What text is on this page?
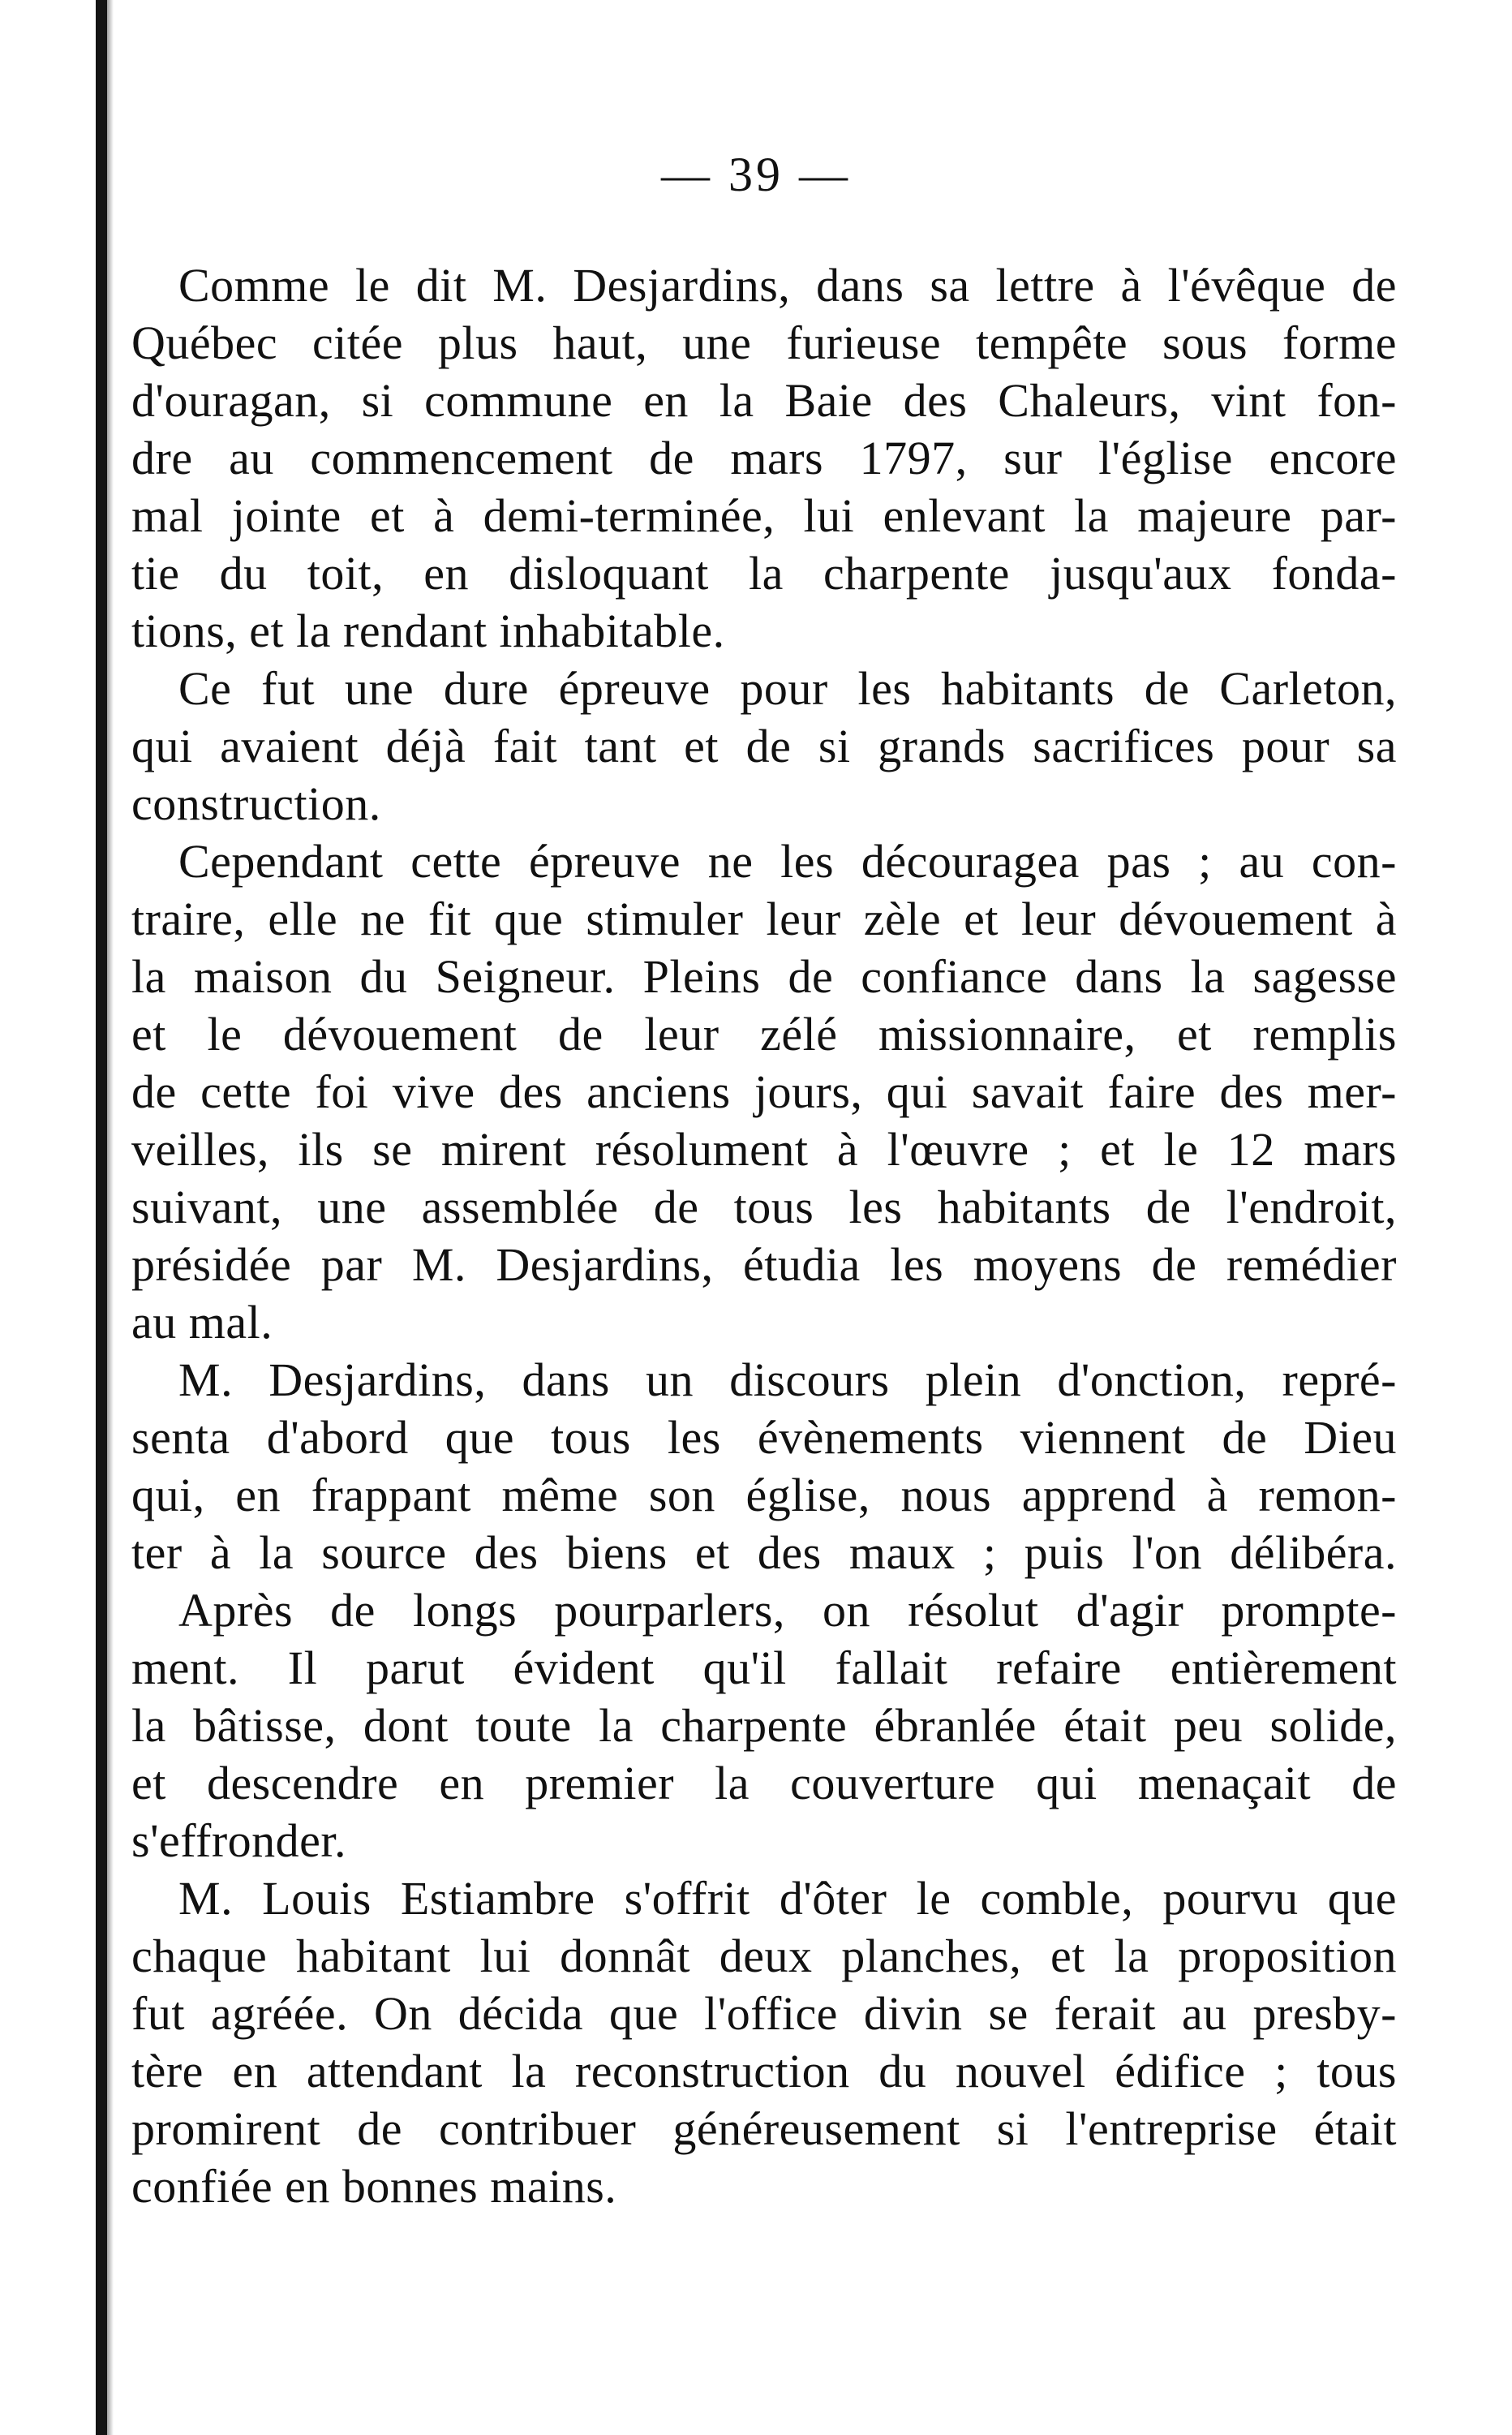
— 39 —
Comme le dit M. Desjardins, dans sa lettre à l'évêque de
Québec citée plus haut, une furieuse tempête sous forme
d'ouragan, si commune en la Baie des Chaleurs, vint fon-
dre au commencement de mars 1797, sur l'église encore
mal jointe et à demi-terminée, lui enlevant la majeure par-
tie du toit, en disloquant la charpente jusqu'aux fonda-
tions, et la rendant inhabitable.
Ce fut une dure épreuve pour les habitants de Carleton,
qui avaient déjà fait tant et de si grands sacrifices pour sa
construction.
Cependant cette épreuve ne les découragea pas ; au con-
traire, elle ne fit que stimuler leur zèle et leur dévouement à
la maison du Seigneur. Pleins de confiance dans la sagesse
et le dévouement de leur zélé missionnaire, et remplis
de cette foi vive des anciens jours, qui savait faire des mer-
veilles, ils se mirent résolument à l'œuvre ; et le 12 mars
suivant, une assemblée de tous les habitants de l'endroit,
présidée par M. Desjardins, étudia les moyens de remédier
au mal.
M. Desjardins, dans un discours plein d'onction, repré-
senta d'abord que tous les évènements viennent de Dieu
qui, en frappant même son église, nous apprend à remon-
ter à la source des biens et des maux ; puis l'on délibéra.
Après de longs pourparlers, on résolut d'agir promptе-
ment. Il parut évident qu'il fallait refaire entièrement
la bâtisse, dont toute la charpente ébranlée était peu solide,
et descendre en premier la couverture qui menaçait de
s'effronder.
M. Louis Estiambre s'offrit d'ôter le comble, pourvu que
chaque habitant lui donnât deux planches, et la proposition
fut agréée. On décida que l'office divin se ferait au presby-
tère en attendant la reconstruction du nouvel édifice ; tous
promirent de contribuer généreusement si l'entreprise était
confiée en bonnes mains.
